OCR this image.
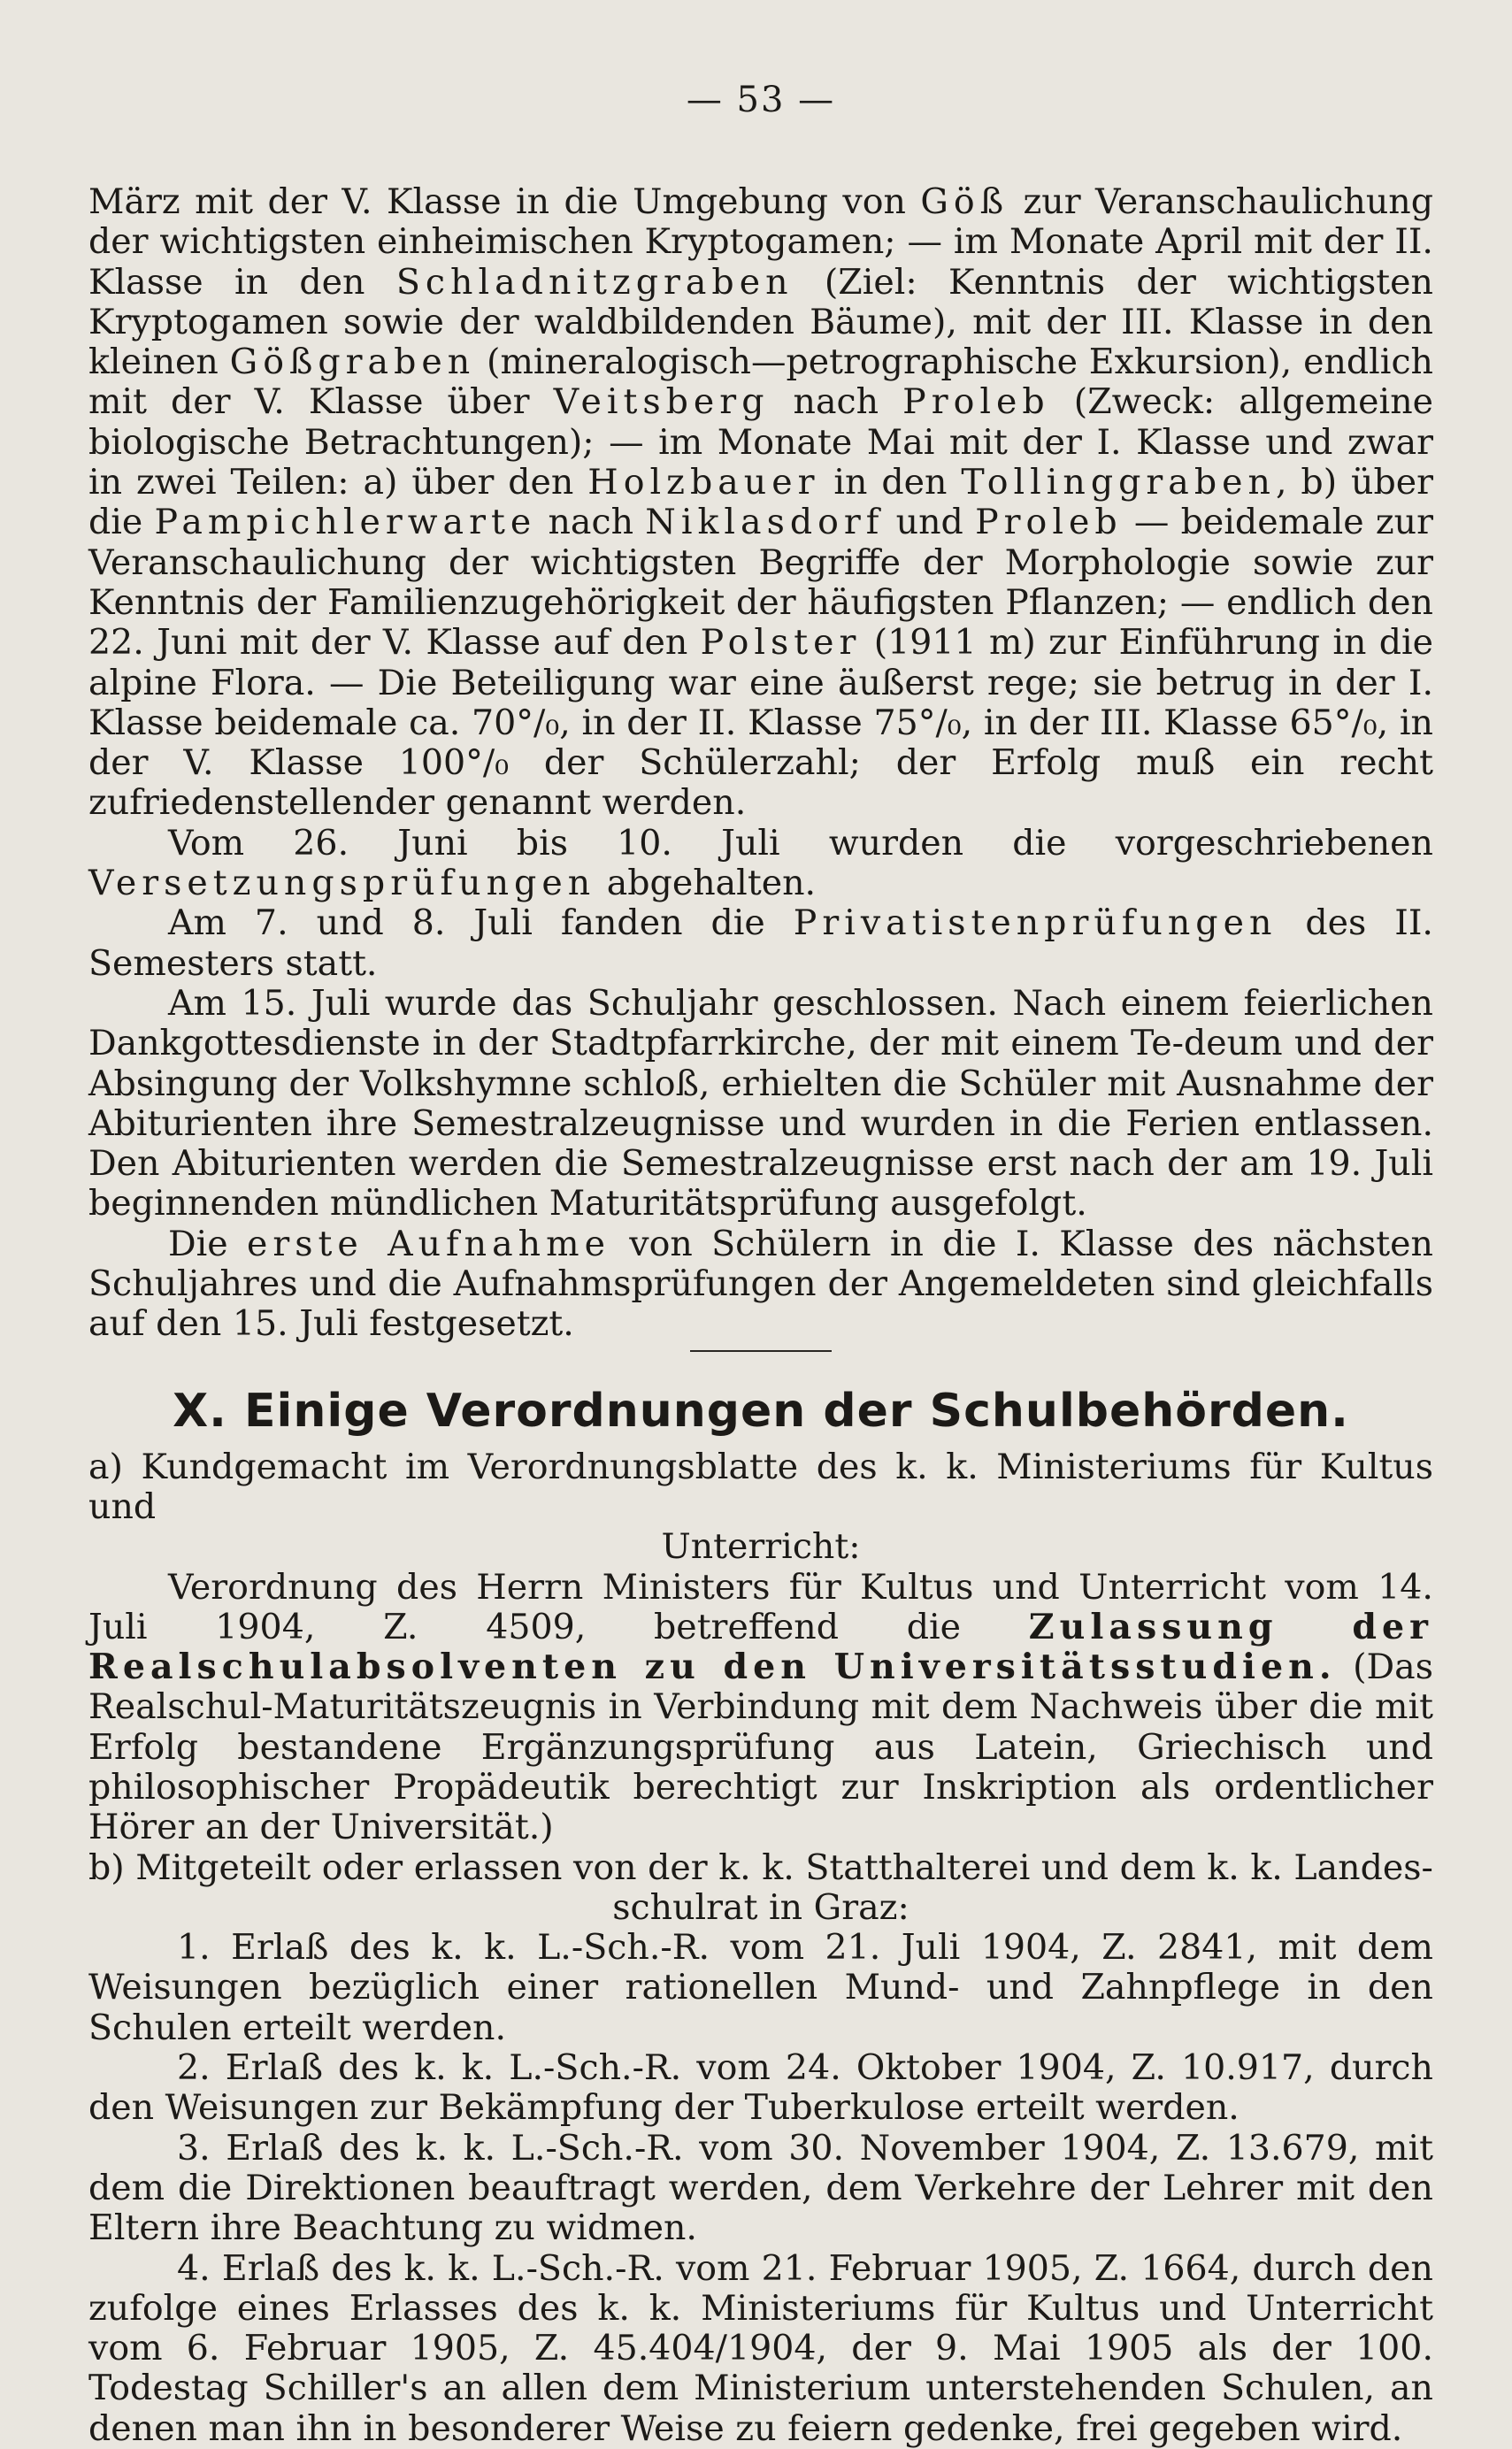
— 53 —

März mit der V. Klasse in die Umgebung von Göß zur Veranschaulichung der wichtigsten einheimischen Kryptogamen; — im Monate April mit der II. Klasse in den Schladnitzgraben (Ziel: Kenntnis der wichtigsten Kryptogamen sowie der waldbildenden Bäume), mit der III. Klasse in den kleinen Gößgraben (mineralogisch—petrographische Exkursion), endlich mit der V. Klasse über Veitsberg nach Proleb (Zweck: allgemeine biologische Betrachtungen); — im Monate Mai mit der I. Klasse und zwar in zwei Teilen: a) über den Holzbauer in den Tollinggraben, b) über die Pampichlerwarte nach Niklasdorf und Proleb — beidemale zur Veranschaulichung der wichtigsten Begriffe der Morphologie sowie zur Kenntnis der Familienzugehörigkeit der häufigsten Pflanzen; — endlich den 22. Juni mit der V. Klasse auf den Polster (1911 m) zur Einführung in die alpine Flora. — Die Beteiligung war eine äußerst rege; sie betrug in der I. Klasse beidemale ca. 70°/₀, in der II. Klasse 75°/₀, in der III. Klasse 65°/₀, in der V. Klasse 100°/₀ der Schülerzahl; der Erfolg muß ein recht zufriedenstellender genannt werden.

Vom 26. Juni bis 10. Juli wurden die vorgeschriebenen Versetzungsprüfungen abgehalten.

Am 7. und 8. Juli fanden die Privatistenprüfungen des II. Semesters statt.

Am 15. Juli wurde das Schuljahr geschlossen. Nach einem feierlichen Dankgottesdienste in der Stadtpfarrkirche, der mit einem Te-deum und der Absingung der Volkshymne schloß, erhielten die Schüler mit Ausnahme der Abiturienten ihre Semestralzeugnisse und wurden in die Ferien entlassen. Den Abiturienten werden die Semestralzeugnisse erst nach der am 19. Juli beginnenden mündlichen Maturitätsprüfung ausgefolgt.

Die erste Aufnahme von Schülern in die I. Klasse des nächsten Schuljahres und die Aufnahmsprüfungen der Angemeldeten sind gleichfalls auf den 15. Juli festgesetzt.

X. Einige Verordnungen der Schulbehörden.

a) Kundgemacht im Verordnungsblatte des k. k. Ministeriums für Kultus und

Unterricht:

Verordnung des Herrn Ministers für Kultus und Unterricht vom 14. Juli 1904, Z. 4509, betreffend die Zulassung der Realschulabsolventen zu den Universitätsstudien. (Das Realschul-Maturitätszeugnis in Verbindung mit dem Nachweis über die mit Erfolg bestandene Ergänzungsprüfung aus Latein, Griechisch und philosophischer Propädeutik berechtigt zur Inskription als ordentlicher Hörer an der Universität.)

b) Mitgeteilt oder erlassen von der k. k. Statthalterei und dem k. k. Landes-

schulrat in Graz:

1. Erlaß des k. k. L.-Sch.-R. vom 21. Juli 1904, Z. 2841, mit dem Weisungen bezüglich einer rationellen Mund- und Zahnpflege in den Schulen erteilt werden.

2. Erlaß des k. k. L.-Sch.-R. vom 24. Oktober 1904, Z. 10.917, durch den Weisungen zur Bekämpfung der Tuberkulose erteilt werden.

3. Erlaß des k. k. L.-Sch.-R. vom 30. November 1904, Z. 13.679, mit dem die Direktionen beauftragt werden, dem Verkehre der Lehrer mit den Eltern ihre Beachtung zu widmen.

4. Erlaß des k. k. L.-Sch.-R. vom 21. Februar 1905, Z. 1664, durch den zufolge eines Erlasses des k. k. Ministeriums für Kultus und Unterricht vom 6. Februar 1905, Z. 45.404/1904, der 9. Mai 1905 als der 100. Todestag Schiller's an allen dem Ministerium unterstehenden Schulen, an denen man ihn in besonderer Weise zu feiern gedenke, frei gegeben wird.
